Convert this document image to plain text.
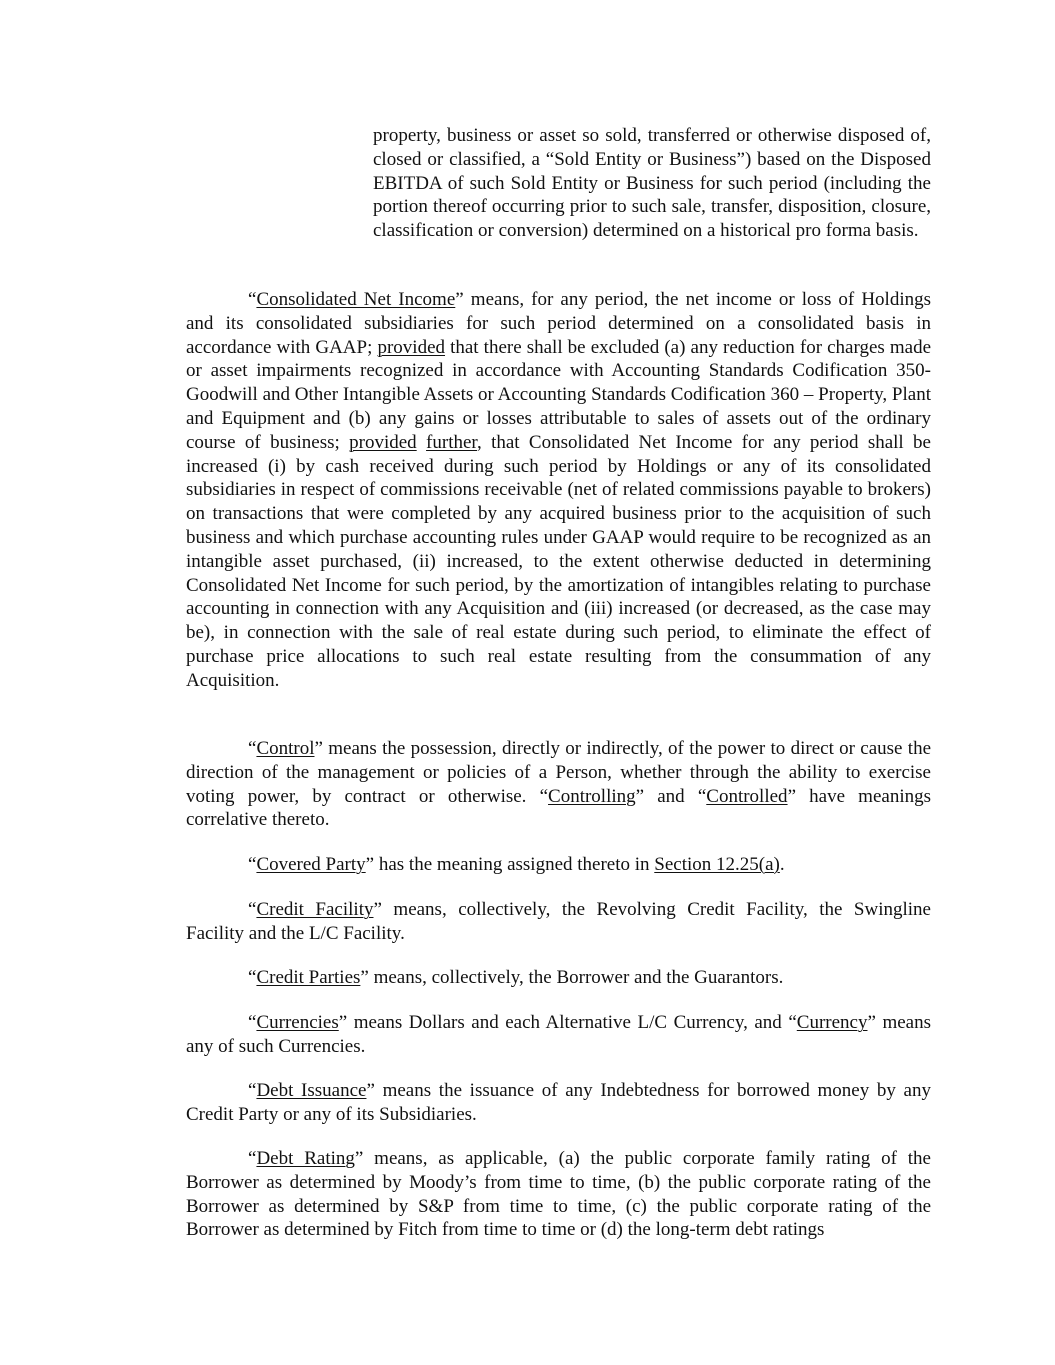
property, business or asset so sold, transferred or otherwise disposed of, closed or classified, a “Sold Entity or Business”) based on the Disposed EBITDA of such Sold Entity or Business for such period (including the portion thereof occurring prior to such sale, transfer, disposition, closure, classification or conversion) determined on a historical pro forma basis.

“Consolidated Net Income” means, for any period, the net income or loss of Holdings and its consolidated subsidiaries for such period determined on a consolidated basis in accordance with GAAP; provided that there shall be excluded (a) any reduction for charges made or asset impairments recognized in accordance with Accounting Standards Codification 350-Goodwill and Other Intangible Assets or Accounting Standards Codification 360 – Property, Plant and Equipment and (b) any gains or losses attributable to sales of assets out of the ordinary course of business; provided further, that Consolidated Net Income for any period shall be increased (i) by cash received during such period by Holdings or any of its consolidated subsidiaries in respect of commissions receivable (net of related commissions payable to brokers) on transactions that were completed by any acquired business prior to the acquisition of such business and which purchase accounting rules under GAAP would require to be recognized as an intangible asset purchased, (ii) increased, to the extent otherwise deducted in determining Consolidated Net Income for such period, by the amortization of intangibles relating to purchase accounting in connection with any Acquisition and (iii) increased (or decreased, as the case may be), in connection with the sale of real estate during such period, to eliminate the effect of purchase price allocations to such real estate resulting from the consummation of any Acquisition.

“Control” means the possession, directly or indirectly, of the power to direct or cause the direction of the management or policies of a Person, whether through the ability to exercise voting power, by contract or otherwise. “Controlling” and “Controlled” have meanings correlative thereto.

“Covered Party” has the meaning assigned thereto in Section 12.25(a).

“Credit Facility” means, collectively, the Revolving Credit Facility, the Swingline Facility and the L/C Facility.

“Credit Parties” means, collectively, the Borrower and the Guarantors.

“Currencies” means Dollars and each Alternative L/C Currency, and “Currency” means any of such Currencies.

“Debt Issuance” means the issuance of any Indebtedness for borrowed money by any Credit Party or any of its Subsidiaries.

“Debt Rating” means, as applicable, (a) the public corporate family rating of the Borrower as determined by Moody’s from time to time, (b) the public corporate rating of the Borrower as determined by S&P from time to time, (c) the public corporate rating of the Borrower as determined by Fitch from time to time or (d) the long-term debt ratings
